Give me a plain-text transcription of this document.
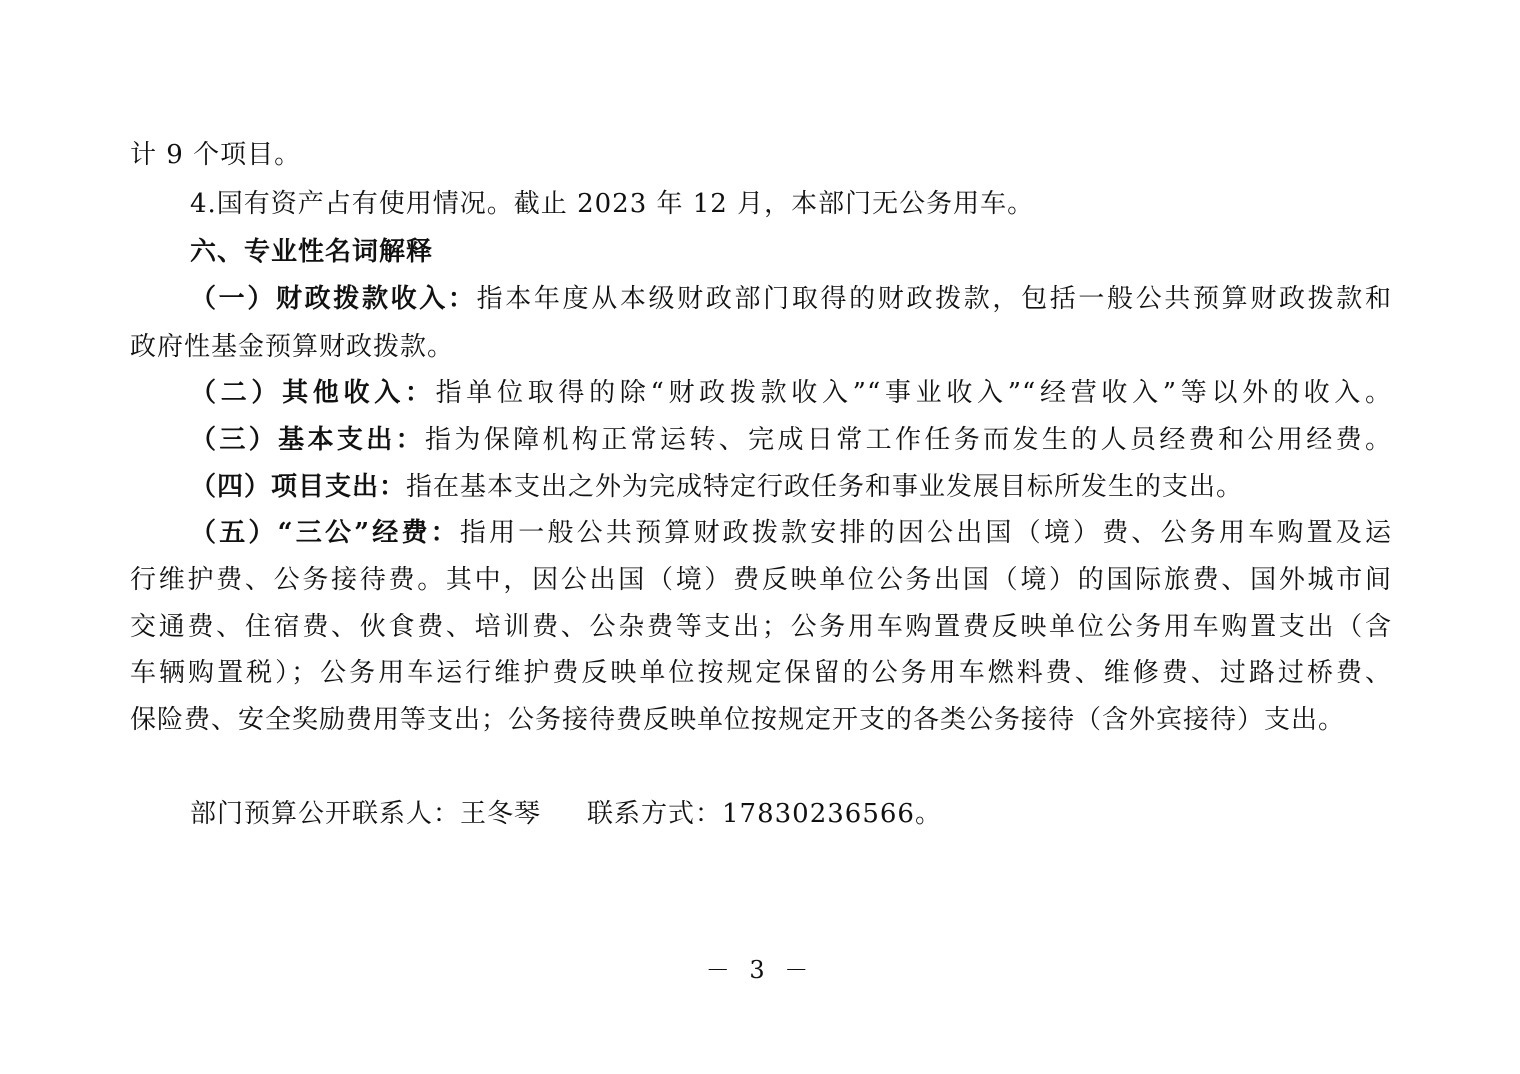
计 9 个项目。
4.国有资产占有使用情况。截止 2023 年 12 月，本部门无公务用车。
六、专业性名词解释
（一）财政拨款收入：指本年度从本级财政部门取得的财政拨款，包括一般公共预算财政拨款和
政府性基金预算财政拨款。
（二）其他收入：指单位取得的除“财政拨款收入”“事业收入”“经营收入”等以外的收入。
（三）基本支出：指为保障机构正常运转、完成日常工作任务而发生的人员经费和公用经费。
（四）项目支出：指在基本支出之外为完成特定行政任务和事业发展目标所发生的支出。
（五）“三公”经费：指用一般公共预算财政拨款安排的因公出国（境）费、公务用车购置及运
行维护费、公务接待费。其中，因公出国（境）费反映单位公务出国（境）的国际旅费、国外城市间
交通费、住宿费、伙食费、培训费、公杂费等支出；公务用车购置费反映单位公务用车购置支出（含
车辆购置税）；公务用车运行维护费反映单位按规定保留的公务用车燃料费、维修费、过路过桥费、
保险费、安全奖励费用等支出；公务接待费反映单位按规定开支的各类公务接待（含外宾接待）支出。
部门预算公开联系人：王冬琴 联系方式：17830236566。
－ 3 －
